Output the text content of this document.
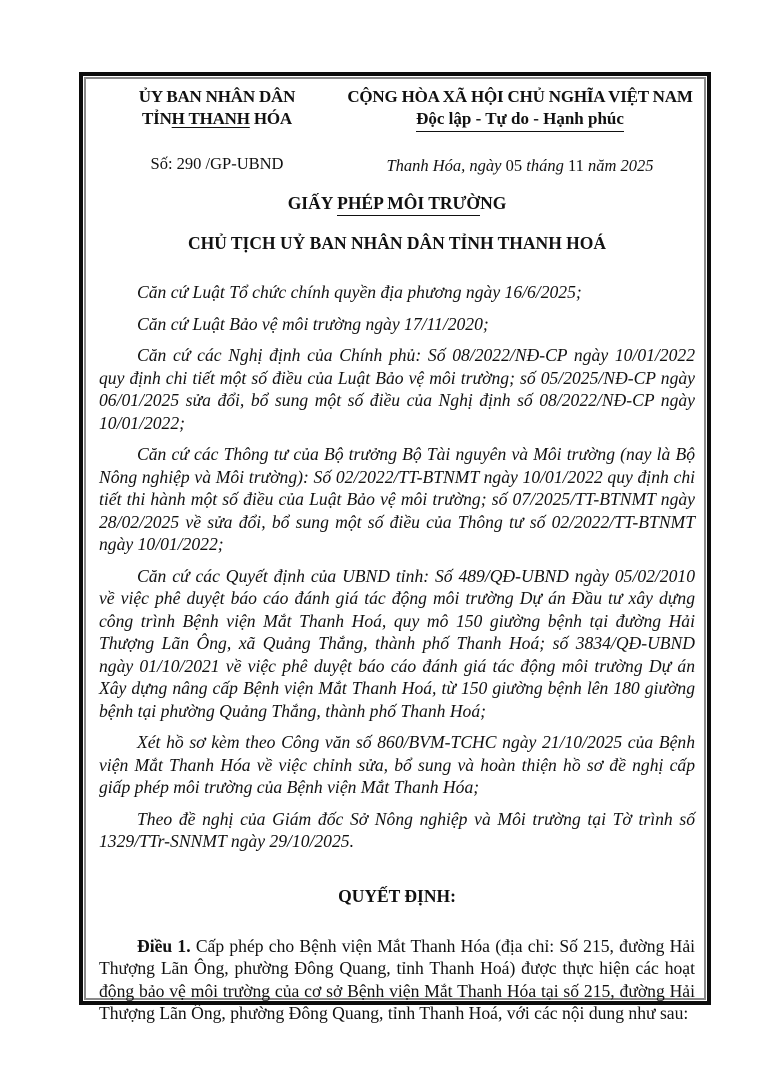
ỦY BAN NHÂN DÂN
TỈNH THANH HÓA
Số: 290 /GP-UBND
CỘNG HÒA XÃ HỘI CHỦ NGHĨA VIỆT NAM
Độc lập - Tự do - Hạnh phúc
Thanh Hóa, ngày 05 tháng 11 năm 2025
GIẤY PHÉP MÔI TRƯỜNG
CHỦ TỊCH UỶ BAN NHÂN DÂN TỈNH THANH HOÁ

Căn cứ Luật Tổ chức chính quyền địa phương ngày 16/6/2025;

Căn cứ Luật Bảo vệ môi trường ngày 17/11/2020;

Căn cứ các Nghị định của Chính phủ: Số 08/2022/NĐ-CP ngày 10/01/2022 quy định chi tiết một số điều của Luật Bảo vệ môi trường; số 05/2025/NĐ-CP ngày 06/01/2025 sửa đổi, bổ sung một số điều của Nghị định số 08/2022/NĐ-CP ngày 10/01/2022;

Căn cứ các Thông tư của Bộ trưởng Bộ Tài nguyên và Môi trường (nay là Bộ Nông nghiệp và Môi trường): Số 02/2022/TT-BTNMT ngày 10/01/2022 quy định chi tiết thi hành một số điều của Luật Bảo vệ môi trường; số 07/2025/TT-BTNMT ngày 28/02/2025 về sửa đổi, bổ sung một số điều của Thông tư số 02/2022/TT-BTNMT ngày 10/01/2022;

Căn cứ các Quyết định của UBND tỉnh: Số 489/QĐ-UBND ngày 05/02/2010 về việc phê duyệt báo cáo đánh giá tác động môi trường Dự án Đầu tư xây dựng công trình Bệnh viện Mắt Thanh Hoá, quy mô 150 giường bệnh tại đường Hải Thượng Lãn Ông, xã Quảng Thắng, thành phố Thanh Hoá; số 3834/QĐ-UBND ngày 01/10/2021 về việc phê duyệt báo cáo đánh giá tác động môi trường Dự án Xây dựng nâng cấp Bệnh viện Mắt Thanh Hoá, từ 150 giường bệnh lên 180 giường bệnh tại phường Quảng Thắng, thành phố Thanh Hoá;

Xét hồ sơ kèm theo Công văn số 860/BVM-TCHC ngày 21/10/2025 của Bệnh viện Mắt Thanh Hóa về việc chỉnh sửa, bổ sung và hoàn thiện hồ sơ đề nghị cấp giấp phép môi trường của Bệnh viện Mắt Thanh Hóa;

Theo đề nghị của Giám đốc Sở Nông nghiệp và Môi trường tại Tờ trình số 1329/TTr-SNNMT ngày 29/10/2025.

QUYẾT ĐỊNH:

Điều 1. Cấp phép cho Bệnh viện Mắt Thanh Hóa (địa chỉ: Số 215, đường Hải Thượng Lãn Ông, phường Đông Quang, tỉnh Thanh Hoá) được thực hiện các hoạt động bảo vệ môi trường của cơ sở Bệnh viện Mắt Thanh Hóa tại số 215, đường Hải Thượng Lãn Ông, phường Đông Quang, tỉnh Thanh Hoá, với các nội dung như sau:
